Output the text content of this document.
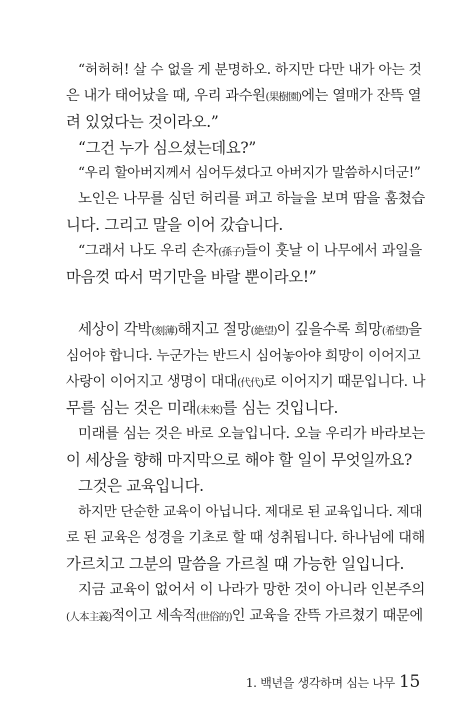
“허허허! 살 수 없을 게 분명하오. 하지만 다만 내가 아는 것
은 내가 태어났을 때, 우리 과수원(果樹園)에는 열매가 잔뜩 열
려 있었다는 것이라오.”
“그건 누가 심으셨는데요?”
“우리 할아버지께서 심어두셨다고 아버지가 말씀하시더군!”
노인은 나무를 심던 허리를 펴고 하늘을 보며 땀을 훔쳤습
니다. 그리고 말을 이어 갔습니다.
“그래서 나도 우리 손자(孫子)들이 훗날 이 나무에서 과일을
마음껏 따서 먹기만을 바랄 뿐이라오!”
세상이 각박(刻薄)해지고 절망(絶望)이 깊을수록 희망(希望)을
심어야 합니다. 누군가는 반드시 심어놓아야 희망이 이어지고
사랑이 이어지고 생명이 대대(代代)로 이어지기 때문입니다. 나
무를 심는 것은 미래(未來)를 심는 것입니다.
미래를 심는 것은 바로 오늘입니다. 오늘 우리가 바라보는
이 세상을 향해 마지막으로 해야 할 일이 무엇일까요?
그것은 교육입니다.
하지만 단순한 교육이 아닙니다. 제대로 된 교육입니다. 제대
로 된 교육은 성경을 기초로 할 때 성취됩니다. 하나님에 대해
가르치고 그분의 말씀을 가르칠 때 가능한 일입니다.
지금 교육이 없어서 이 나라가 망한 것이 아니라 인본주의
(人本主義)적이고 세속적(世俗的)인 교육을 잔뜩 가르쳤기 때문에
1. 백년을 생각하며 심는 나무 15
